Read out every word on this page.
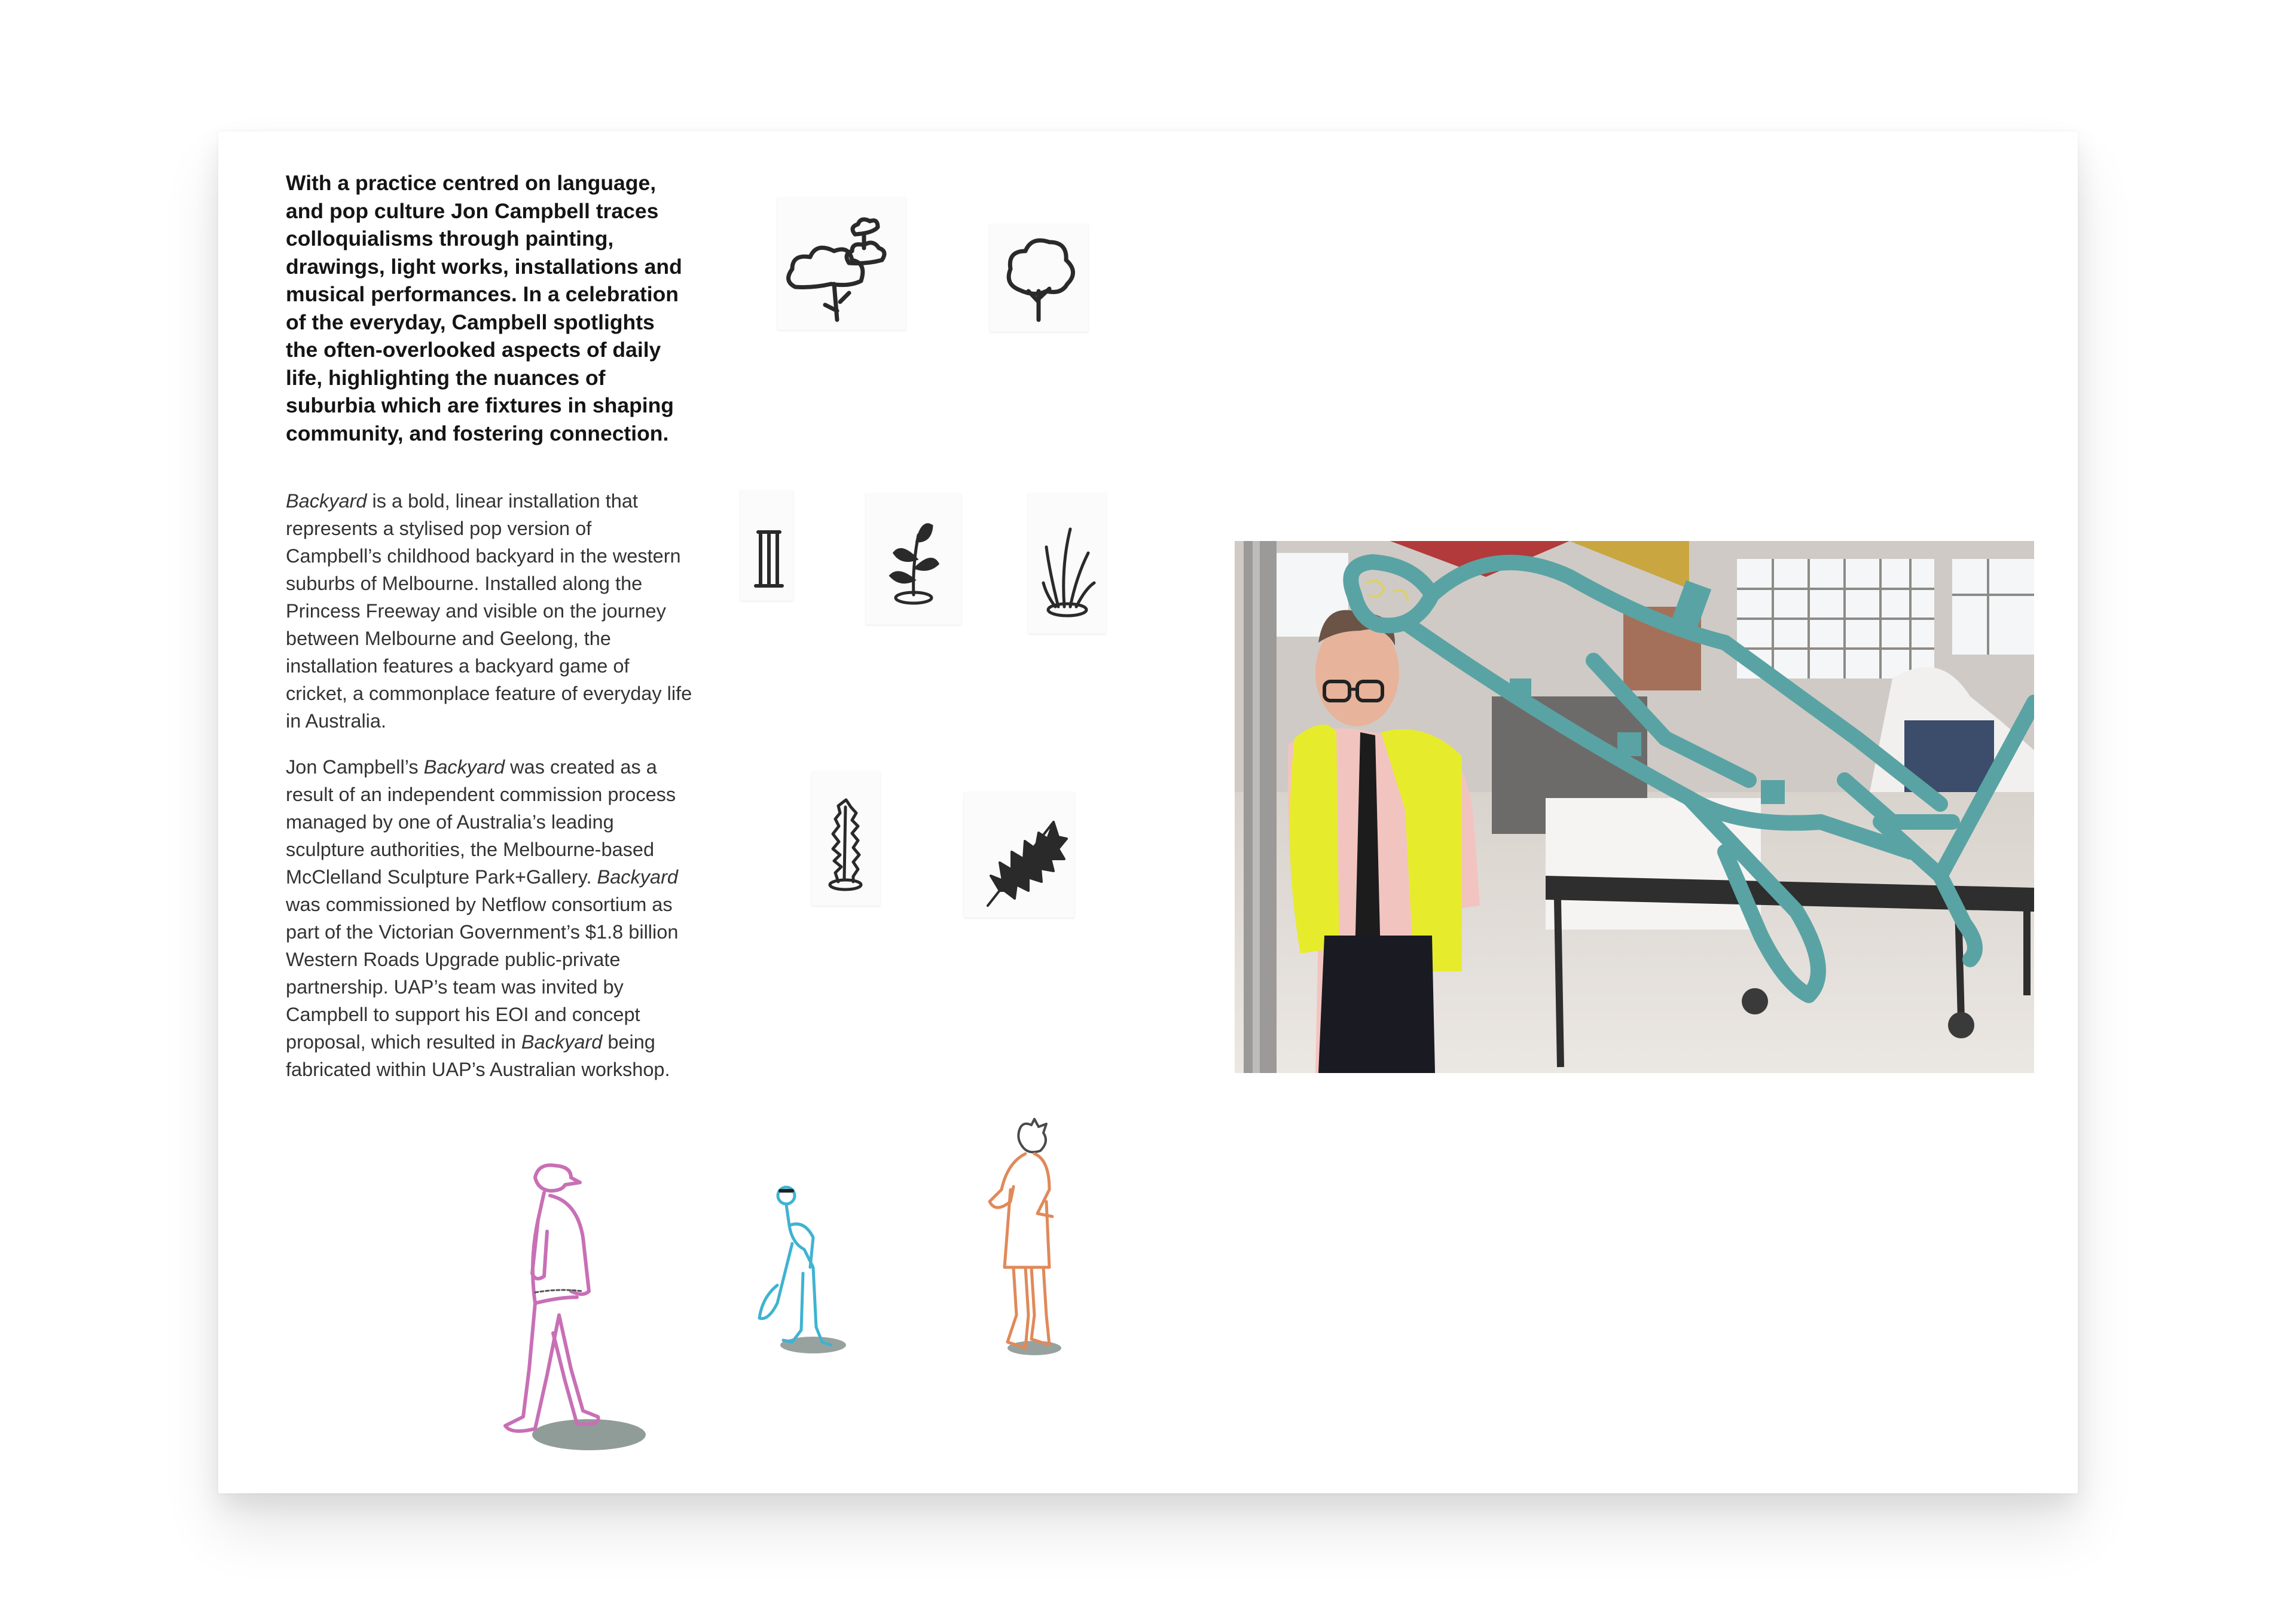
With a practice centred on language, and pop culture Jon Campbell traces colloquialisms through painting, drawings, light works, installations and musical performances. In a celebration of the everyday, Campbell spotlights the often-overlooked aspects of daily life, highlighting the nuances of suburbia which are fixtures in shaping community, and fostering connection.

Backyard is a bold, linear installation that represents a stylised pop version of Campbell’s childhood backyard in the western suburbs of Melbourne. Installed along the Princess Freeway and visible on the journey between Melbourne and Geelong, the installation features a backyard game of cricket, a commonplace feature of everyday life in Australia.

Jon Campbell’s Backyard was created as a result of an independent commission process managed by one of Australia’s leading sculpture authorities, the Melbourne-based McClelland Sculpture Park+Gallery. Backyard was commissioned by Netflow consortium as part of the Victorian Government’s $1.8 billion Western Roads Upgrade public-private partnership. UAP’s team was invited by Campbell to support his EOI and concept proposal, which resulted in Backyard being fabricated within UAP’s Australian workshop.
